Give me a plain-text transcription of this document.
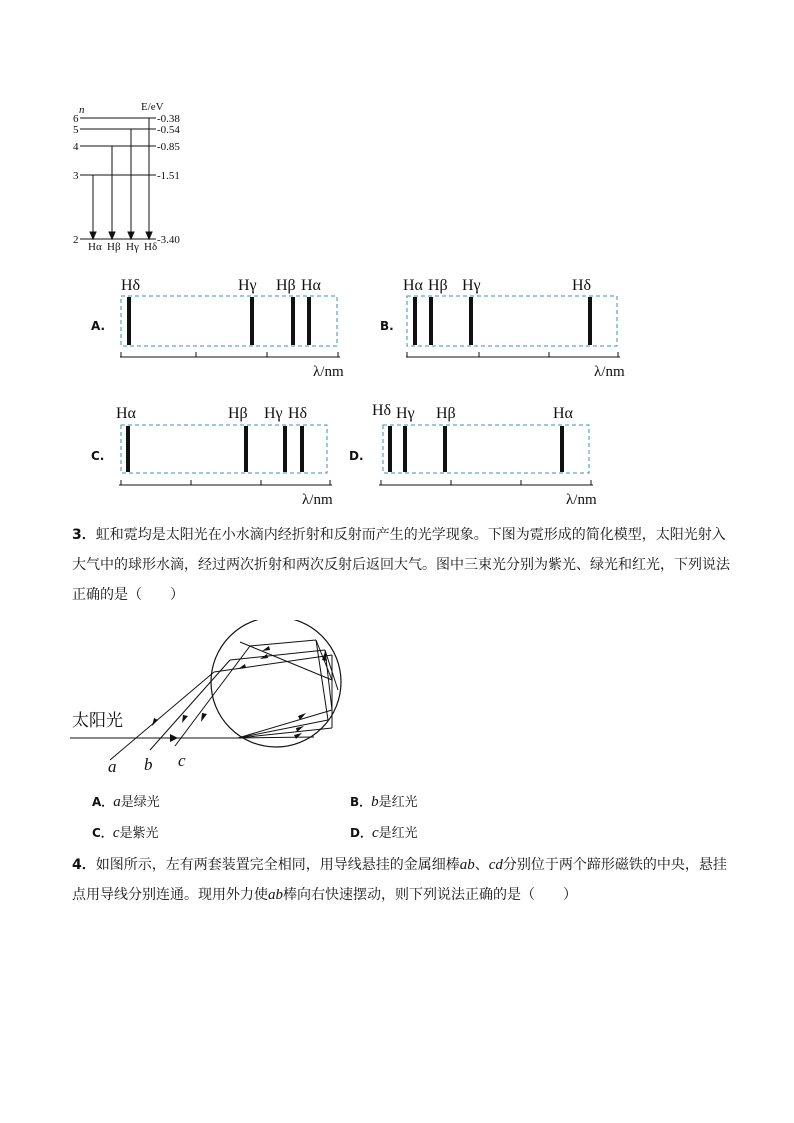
n	E/eV
6
5
4
3
2
-0.38
-0.54
-0.85
-1.51
-3.40
Hα Hβ Hγ Hδ
A.
Hδ	Hγ Hβ Hα
λ/nm
B.
Hα Hβ Hγ	Hδ
λ/nm
C.
Hα	Hβ Hγ Hδ
λ/nm
D.
Hδ Hγ Hβ	Hα
λ/nm
3．虹和霓均是太阳光在小水滴内经折射和反射而产生的光学现象。下图为霓形成的简化模型，太阳光射入大气中的球形水滴，经过两次折射和两次反射后返回大气。图中三束光分别为紫光、绿光和红光，下列说法正确的是（　　）
太阳光
a b c
A．a是绿光	B．b是红光
C．c是紫光	D．c是红光
4．如图所示，左有两套装置完全相同，用导线悬挂的金属细棒ab、cd分别位于两个蹄形磁铁的中央，悬挂点用导线分别连通。现用外力使ab棒向右快速摆动，则下列说法正确的是（　　）
